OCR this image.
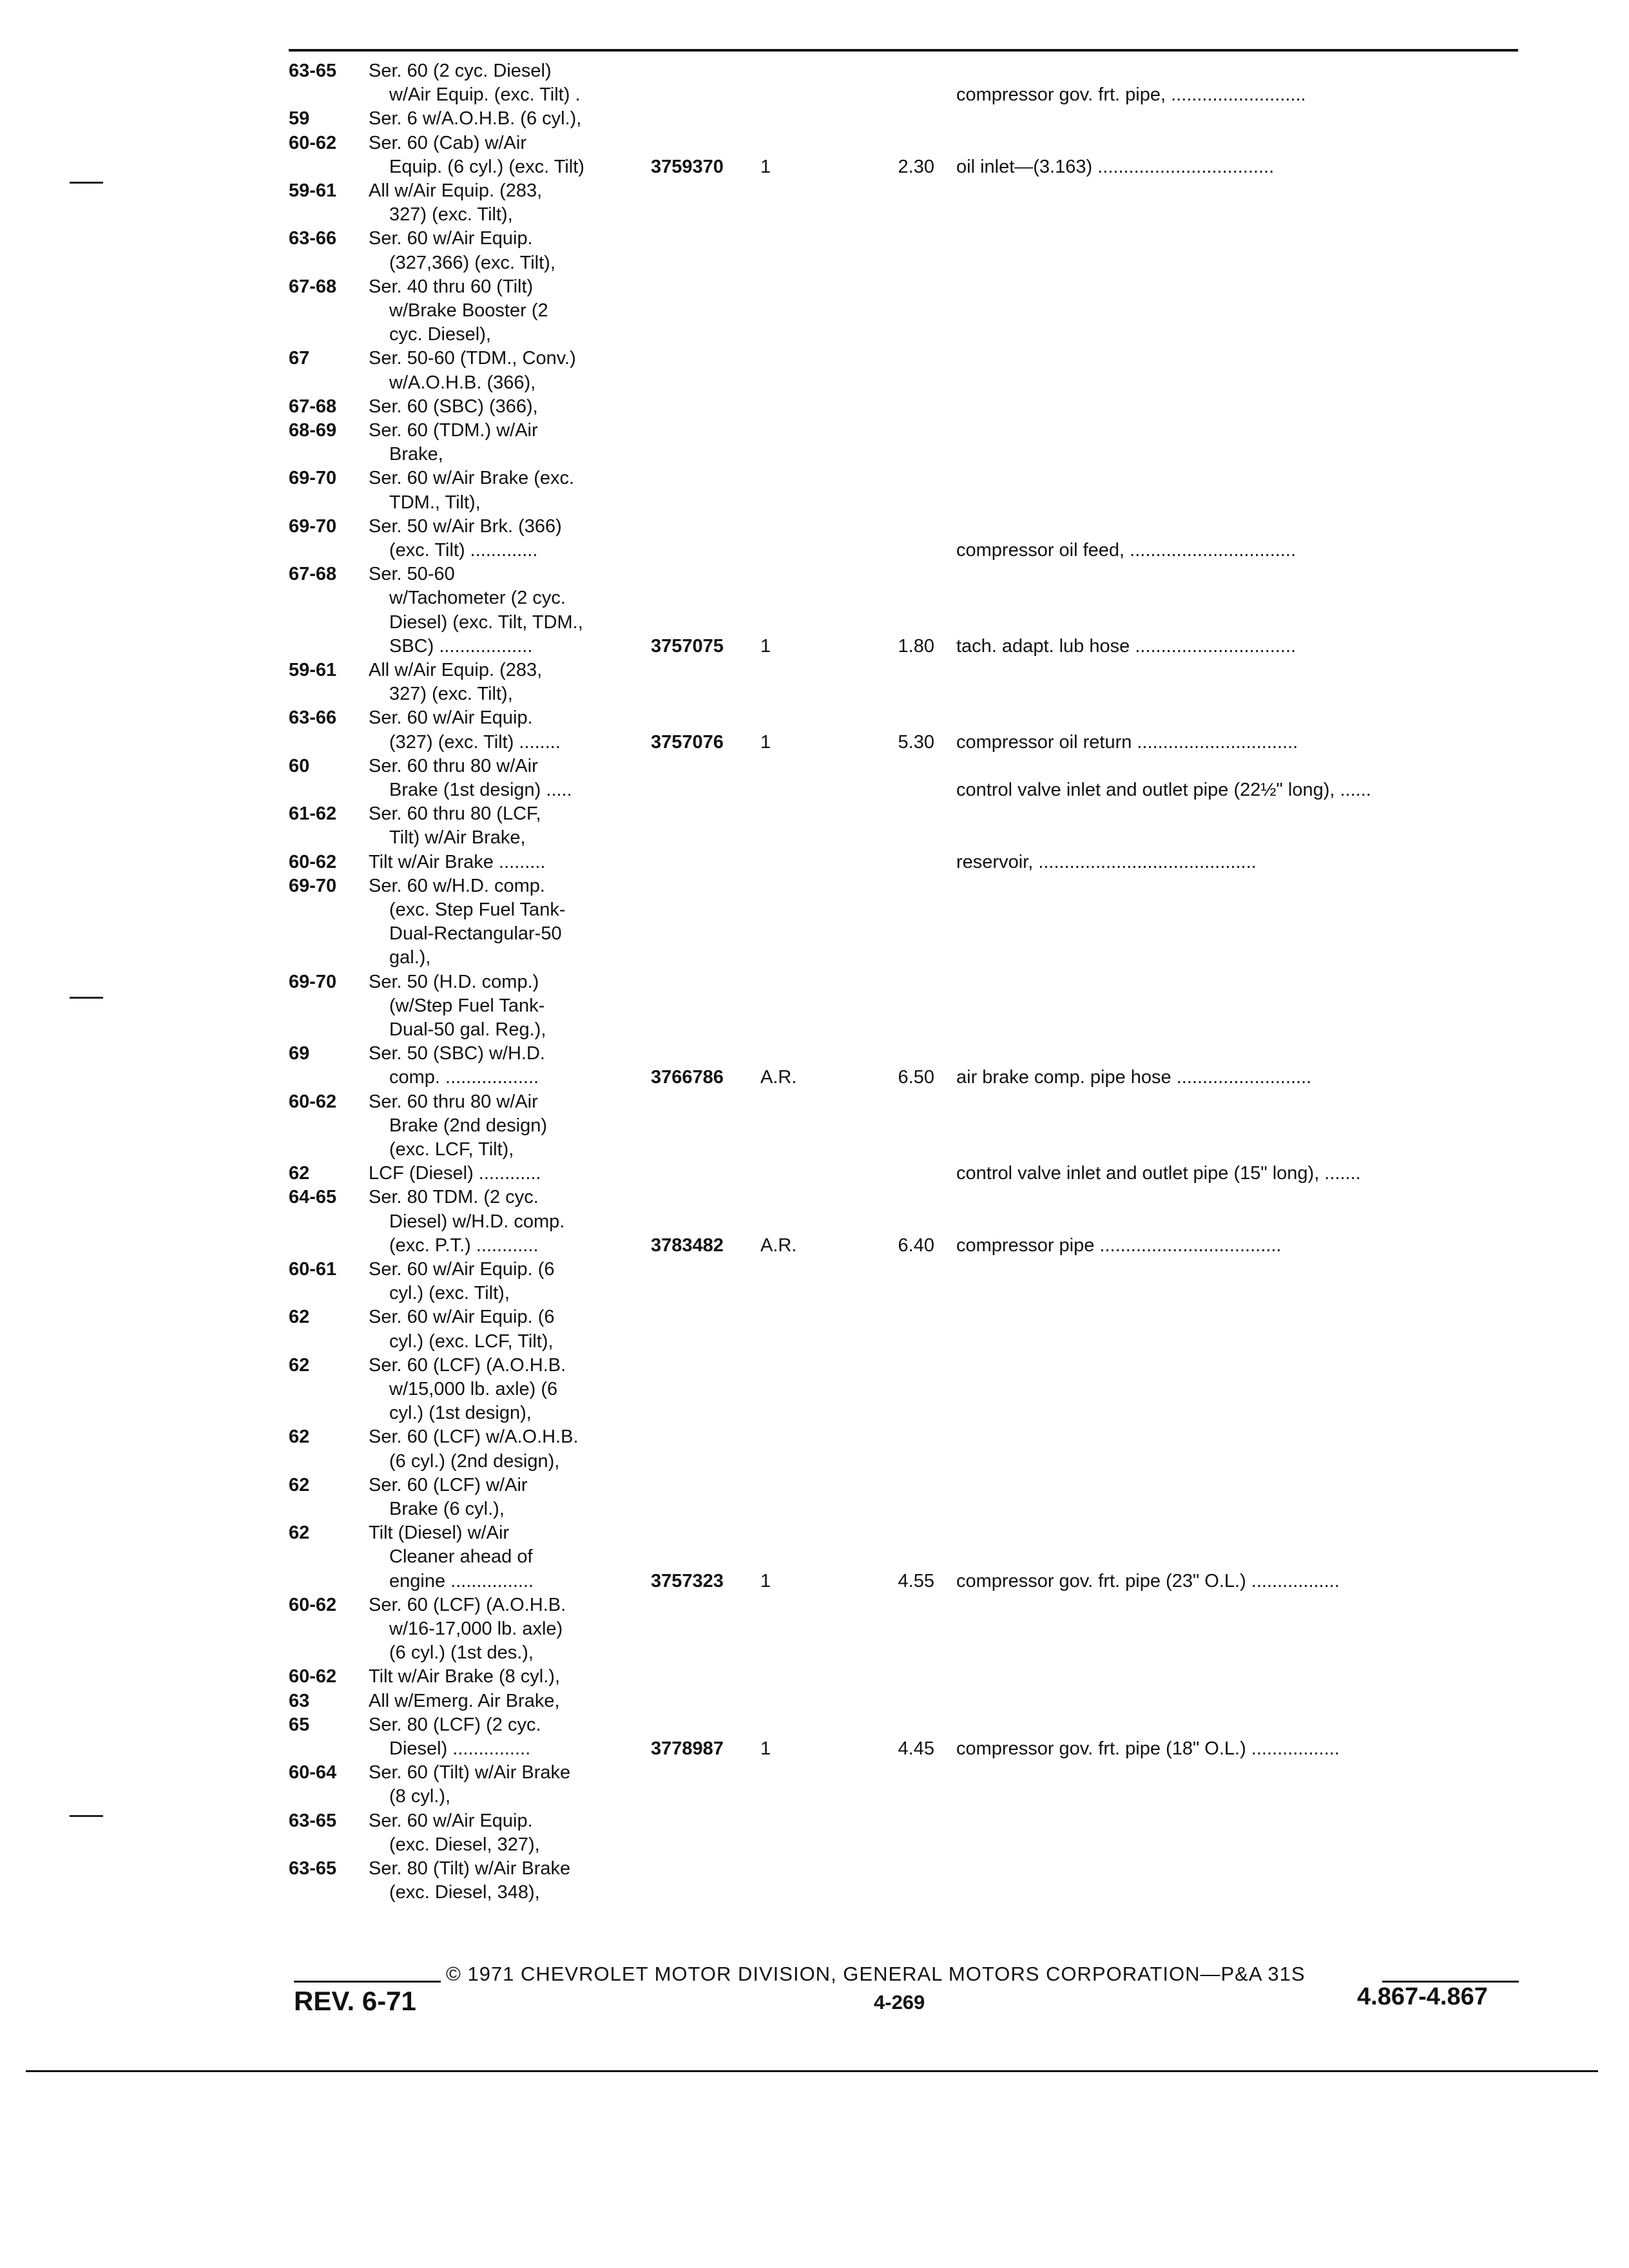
63-65	Ser. 60 (2 cyc. Diesel)
w/Air Equip. (exc. Tilt) .	compressor gov. frt. pipe, ..........................
59	Ser. 6 w/A.O.H.B. (6 cyl.),
60-62	Ser. 60 (Cab) w/Air
Equip. (6 cyl.) (exc. Tilt)	3759370	1	2.30 oil inlet—(3.163) ..................................
59-61	All w/Air Equip. (283,
327) (exc. Tilt),
63-66	Ser. 60 w/Air Equip.
(327,366) (exc. Tilt),
67-68	Ser. 40 thru 60 (Tilt)
w/Brake Booster (2
cyc. Diesel),
67	Ser. 50-60 (TDM., Conv.)
w/A.O.H.B. (366),
67-68	Ser. 60 (SBC) (366),
68-69	Ser. 60 (TDM.) w/Air
Brake,
69-70	Ser. 60 w/Air Brake (exc.
TDM., Tilt),
69-70	Ser. 50 w/Air Brk. (366)
(exc. Tilt) .............	compressor oil feed, ................................
67-68	Ser. 50-60
w/Tachometer (2 cyc.
Diesel) (exc. Tilt, TDM.,
SBC) ..................	3757075	1	1.80 tach. adapt. lub hose ...............................
59-61	All w/Air Equip. (283,
327) (exc. Tilt),
63-66	Ser. 60 w/Air Equip.
(327) (exc. Tilt) ........	3757076	1	5.30 compressor oil return ...............................
60	Ser. 60 thru 80 w/Air
Brake (1st design) .....	control valve inlet and outlet pipe (22½" long), ......
61-62	Ser. 60 thru 80 (LCF,
Tilt) w/Air Brake,
60-62	Tilt w/Air Brake .........	reservoir, ..........................................
69-70	Ser. 60 w/H.D. comp.
(exc. Step Fuel Tank-
Dual-Rectangular-50
gal.),
69-70	Ser. 50 (H.D. comp.)
(w/Step Fuel Tank-
Dual-50 gal. Reg.),
69	Ser. 50 (SBC) w/H.D.
comp. ..................	3766786	A.R.	6.50 air brake comp. pipe hose ..........................
60-62	Ser. 60 thru 80 w/Air
Brake (2nd design)
(exc. LCF, Tilt),
62	LCF (Diesel) ............	control valve inlet and outlet pipe (15" long), .......
64-65	Ser. 80 TDM. (2 cyc.
Diesel) w/H.D. comp.
(exc. P.T.) ............	3783482	A.R.	6.40 compressor pipe ...................................
60-61	Ser. 60 w/Air Equip. (6
cyl.) (exc. Tilt),
62	Ser. 60 w/Air Equip. (6
cyl.) (exc. LCF, Tilt),
62	Ser. 60 (LCF) (A.O.H.B.
w/15,000 lb. axle) (6
cyl.) (1st design),
62	Ser. 60 (LCF) w/A.O.H.B.
(6 cyl.) (2nd design),
62	Ser. 60 (LCF) w/Air
Brake (6 cyl.),
62	Tilt (Diesel) w/Air
Cleaner ahead of
engine ................	3757323	1	4.55 compressor gov. frt. pipe (23" O.L.) .................
60-62	Ser. 60 (LCF) (A.O.H.B.
w/16-17,000 lb. axle)
(6 cyl.) (1st des.),
60-62	Tilt w/Air Brake (8 cyl.),
63	All w/Emerg. Air Brake,
65	Ser. 80 (LCF) (2 cyc.
Diesel) ...............	3778987	1	4.45 compressor gov. frt. pipe (18" O.L.) .................
60-64	Ser. 60 (Tilt) w/Air Brake
(8 cyl.),
63-65	Ser. 60 w/Air Equip.
(exc. Diesel, 327),
63-65	Ser. 80 (Tilt) w/Air Brake
(exc. Diesel, 348),
© 1971 CHEVROLET MOTOR DIVISION, GENERAL MOTORS CORPORATION—P&A 31S
REV. 6-71	4-269	4.867-4.867
